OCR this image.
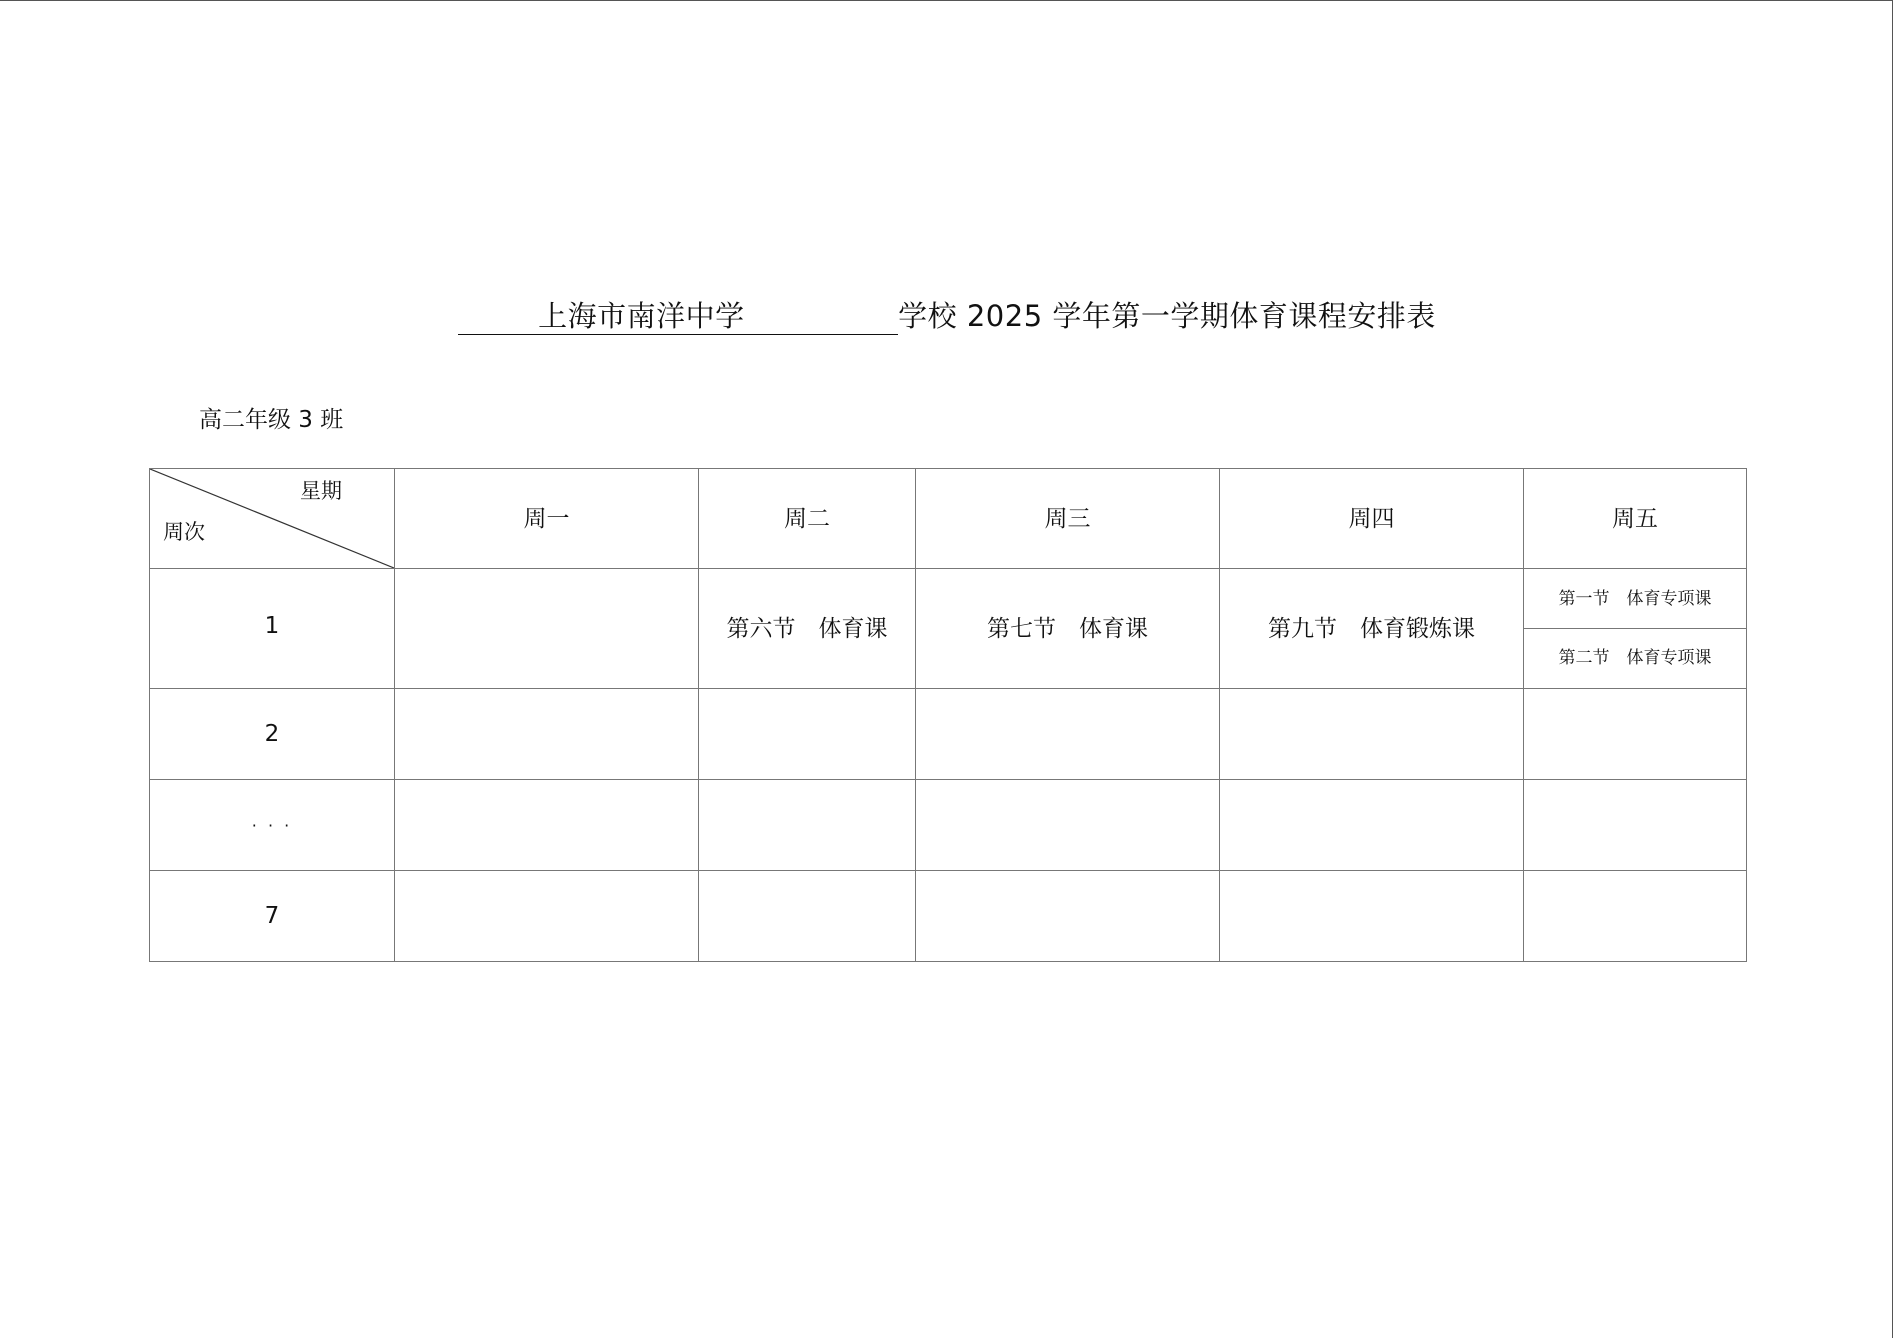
上海市南洋中学	学校 2025 学年第一学期体育课程安排表
高二年级 3 班
星期
周次	周一	周二	周三	周四	周五
1		第六节　体育课	第七节　体育课	第九节　体育锻炼课	第一节　体育专项课
第二节　体育专项课

2					
· · ·					
7					
